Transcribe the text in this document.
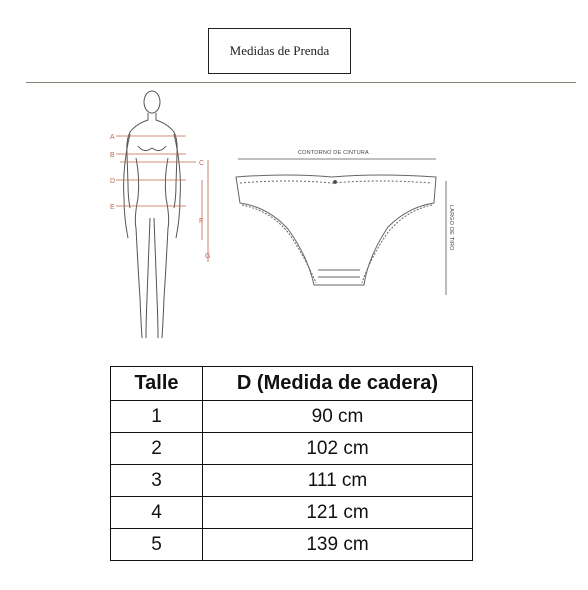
Medidas de Prenda
A
B
C
D
E
F
G
CONTORNO DE CINTURA
LARGO DE TIRO
Talle	D (Medida de cadera)
1	90 cm
2	102 cm
3	111 cm
4	121 cm
5	139 cm
